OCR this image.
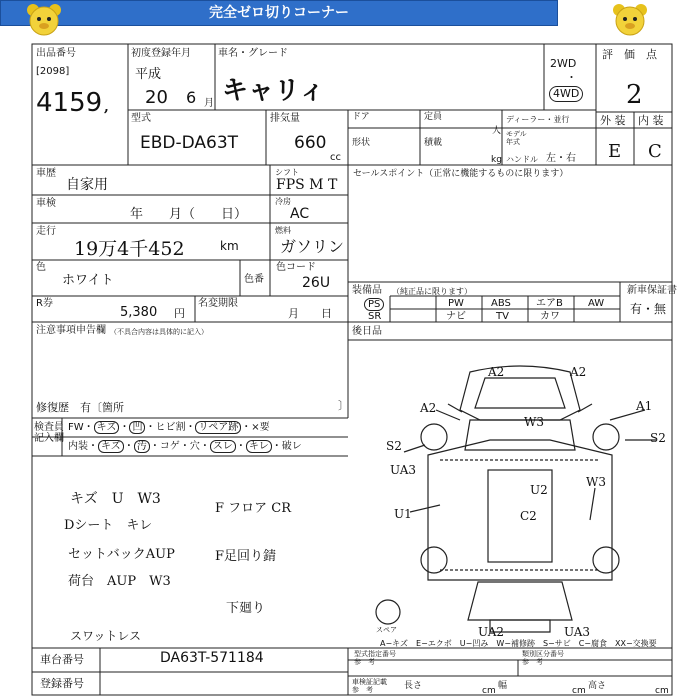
完全ゼロ切りコーナー
出品番号
[2098]
4159 ,
初度登録年月
平成
20 6 月
車名・グレード
キャリィ
2WD
・
4WD
評　価　点
2
外 装 内 装
E C
型式
EBD-DA63T
排気量
660
cc
ドア	定員
人
形状	積載
kg
ディーラー・並行
モデル
年式
ハンドル 左・右
車歴
自家用
シフト
FPS M T
車検
年　　月（　　日）
冷房
AC
走行
19万4千452	km
燃料
ガソリン
色
ホワイト	色番
色コード
26U
R券
5,380 円
名変期限
月　　日
注意事項申告欄 （不具合内容は具体的に記入）
修復歴　有〔箇所	〕
セールスポイント（正常に機能するものに限ります）
装備品 （純正品に限ります）	新車保証書
有・無
後日品
PS	PW	ABS	エアB	AW
SR	ナビ	TV	カワ
検査員
記入欄
FW・ キズ ・ 凹 ・ヒビ割・ リペア跡 ・×要
内装・ キズ ・ 汚 ・コゲ・穴・ スレ ・ キレ ・破レ
キズ　U　W3
Dシート　キレ
セットバックAUP
荷台　AUP　W3
F フロア CR
F足回り錆
下廻り
スワットレス
A2	A2
A2	A1
W3
S2
S2
UA3
U1
U2
C2
W3
UA2	UA3
スペア
A−キズ　E−エクボ　U−凹み　W−補修跡　S−サビ　C−腐食　XX−交換要
車台番号	DA63T-571184
登録番号
型式指定番号
参　考
類別区分番号
参　考
車検証記載
参　考	長さ	cm 幅	cm 高さ	cm
